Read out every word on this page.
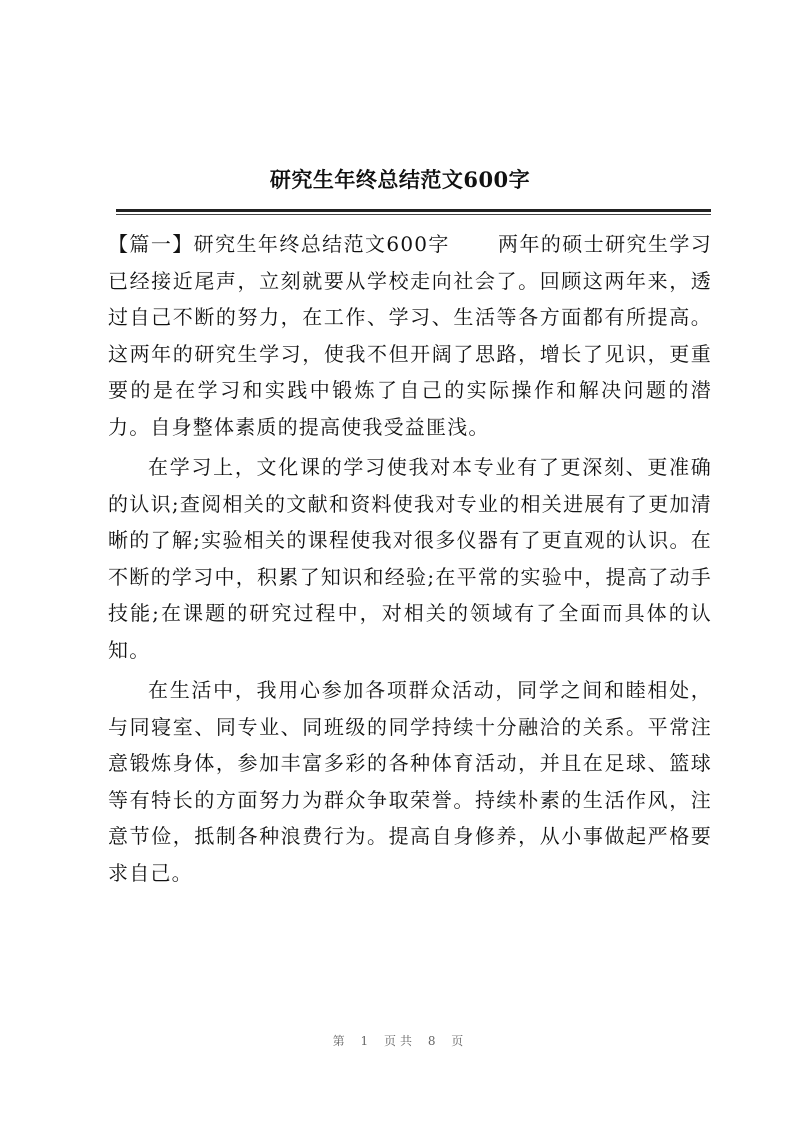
研究生年终总结范文600字

【篇一】研究生年终总结范文600字 两年的硕士研究生学习已经接近尾声，立刻就要从学校走向社会了。回顾这两年来，透过自己不断的努力，在工作、学习、生活等各方面都有所提高。这两年的研究生学习，使我不但开阔了思路，增长了见识，更重要的是在学习和实践中锻炼了自己的实际操作和解决问题的潜力。自身整体素质的提高使我受益匪浅。

在学习上，文化课的学习使我对本专业有了更深刻、更准确的认识;查阅相关的文献和资料使我对专业的相关进展有了更加清晰的了解;实验相关的课程使我对很多仪器有了更直观的认识。在不断的学习中，积累了知识和经验;在平常的实验中，提高了动手技能;在课题的研究过程中，对相关的领域有了全面而具体的认知。

在生活中，我用心参加各项群众活动，同学之间和睦相处，与同寝室、同专业、同班级的同学持续十分融洽的关系。平常注意锻炼身体，参加丰富多彩的各种体育活动，并且在足球、篮球等有特长的方面努力为群众争取荣誉。持续朴素的生活作风，注意节俭，抵制各种浪费行为。提高自身修养，从小事做起严格要求自己。

第 1 页共 8 页
